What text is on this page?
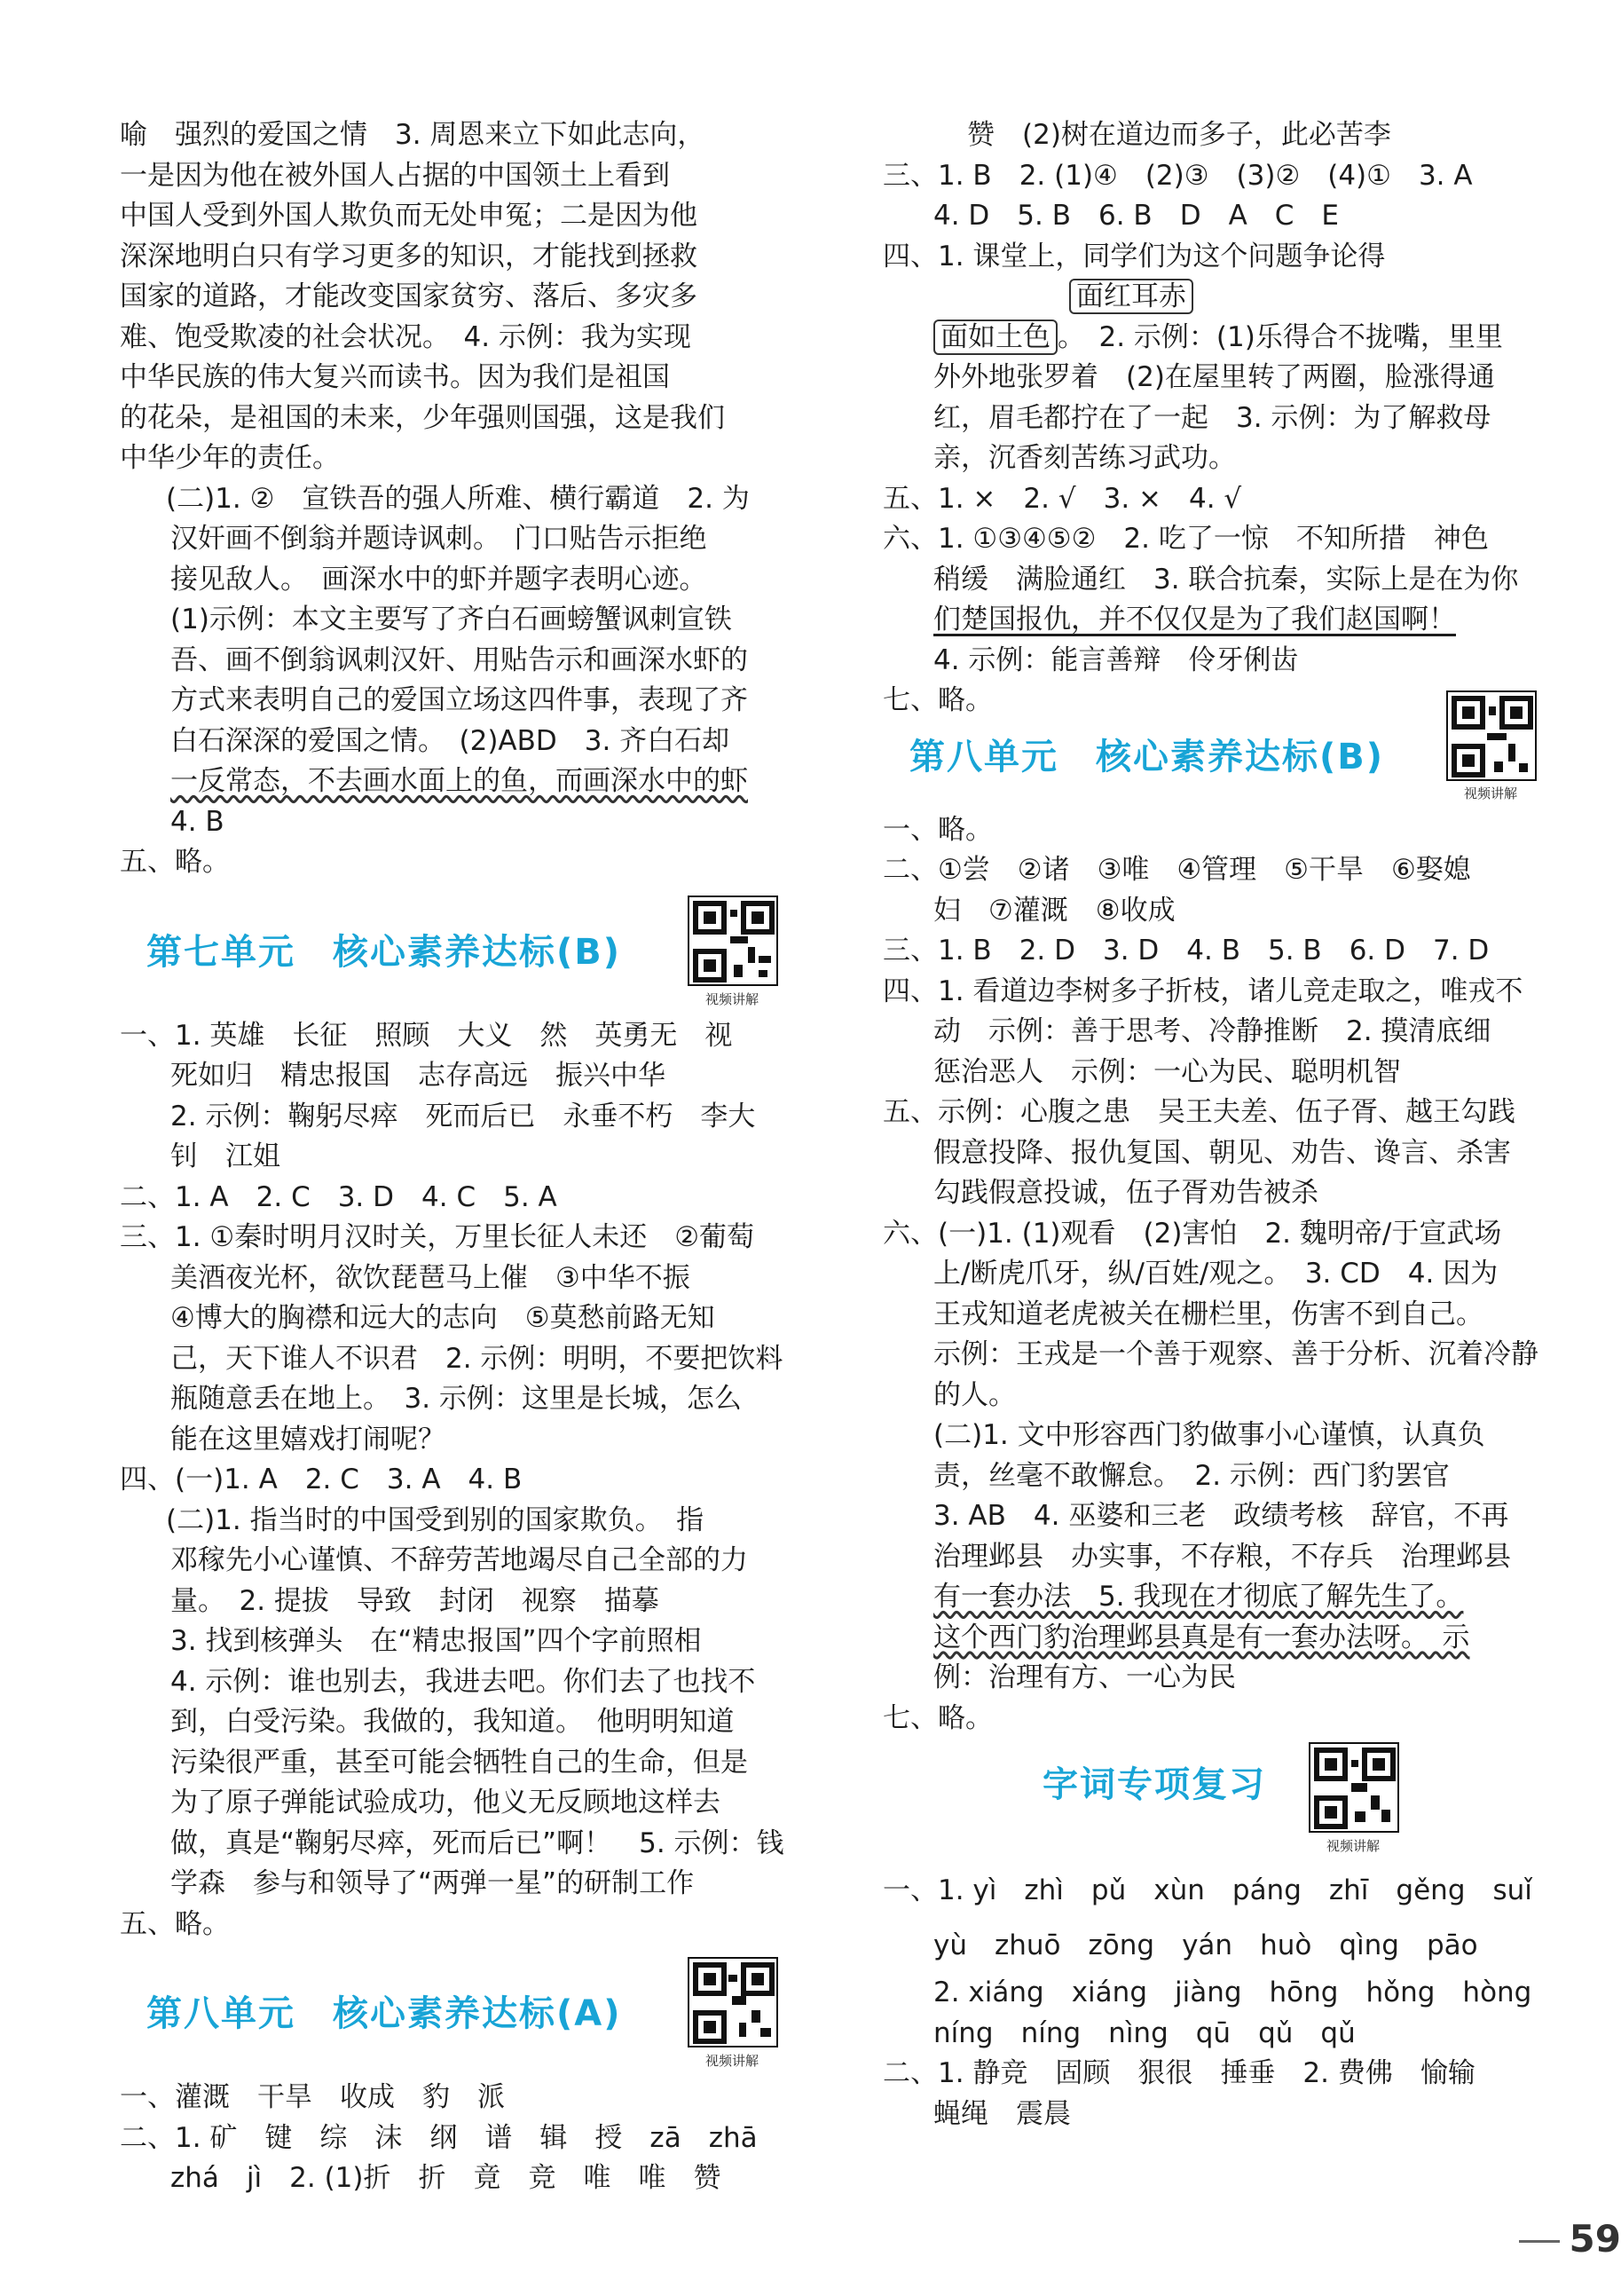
喻　强烈的爱国之情　3. 周恩来立下如此志向，
一是因为他在被外国人占据的中国领土上看到
中国人受到外国人欺负而无处申冤；二是因为他
深深地明白只有学习更多的知识，才能找到拯救
国家的道路，才能改变国家贫穷、落后、多灾多
难、饱受欺凌的社会状况。　4. 示例：我为实现
中华民族的伟大复兴而读书。因为我们是祖国
的花朵，是祖国的未来，少年强则国强，这是我们
中华少年的责任。
(二)1. ②　宣铁吾的强人所难、横行霸道　2. 为
汉奸画不倒翁并题诗讽刺。　门口贴告示拒绝
接见敌人。　画深水中的虾并题字表明心迹。
(1)示例：本文主要写了齐白石画螃蟹讽刺宣铁
吾、画不倒翁讽刺汉奸、用贴告示和画深水虾的
方式来表明自己的爱国立场这四件事，表现了齐
白石深深的爱国之情。　(2)ABD　3. 齐白石却
一反常态，不去画水面上的鱼，而画深水中的虾
4. B
五、略。
第七单元　核心素养达标(B)
视频讲解
一、1. 英雄　长征　照顾　大义　然　英勇无　视
死如归　精忠报国　志存高远　振兴中华
2. 示例：鞠躬尽瘁　死而后已　永垂不朽　李大
钊　江姐
二、1. A　2. C　3. D　4. C　5. A
三、1. ①秦时明月汉时关，万里长征人未还　②葡萄
美酒夜光杯，欲饮琵琶马上催　③中华不振
④博大的胸襟和远大的志向　⑤莫愁前路无知
己，天下谁人不识君　2. 示例：明明，不要把饮料
瓶随意丢在地上。　3. 示例：这里是长城，怎么
能在这里嬉戏打闹呢？
四、(一)1. A　2. C　3. A　4. B
(二)1. 指当时的中国受到别的国家欺负。　指
邓稼先小心谨慎、不辞劳苦地竭尽自己全部的力
量。　2. 提拔　导致　封闭　视察　描摹
3. 找到核弹头　在“精忠报国”四个字前照相
4. 示例：谁也别去，我进去吧。你们去了也找不
到，白受污染。我做的，我知道。　他明明知道
污染很严重，甚至可能会牺牲自己的生命，但是
为了原子弹能试验成功，他义无反顾地这样去
做，真是“鞠躬尽瘁，死而后已”啊！　5. 示例：钱
学森　参与和领导了“两弹一星”的研制工作
五、略。
第八单元　核心素养达标(A)
视频讲解
一、灌溉　干旱　收成　豹　派
二、1. 矿　键　综　沫　纲　谱　辑　授　zā　zhā
zhá　jì　2. (1)折　折　竟　竞　唯　唯　赞
赞　(2)树在道边而多子，此必苦李
三、1. B　2. (1)④　(2)③　(3)②　(4)①　3. A
4. D　5. B　6. B　D　A　C　E
四、1. 课堂上，同学们为这个问题争论得
面红耳赤
面如土色 。　2. 示例：(1)乐得合不拢嘴，里里
外外地张罗着　(2)在屋里转了两圈，脸涨得通
红，眉毛都拧在了一起　3. 示例：为了解救母
亲，沉香刻苦练习武功。
五、1. ×　2. √　3. ×　4. √
六、1. ①③④⑤②　2. 吃了一惊　不知所措　神色
稍缓　满脸通红　3. 联合抗秦，实际上是在为你
们楚国报仇，并不仅仅是为了我们赵国啊！
4. 示例：能言善辩　伶牙俐齿
七、略。
第八单元　核心素养达标(B)
视频讲解
一、略。
二、①尝　②诸　③唯　④管理　⑤干旱　⑥娶媳
妇　⑦灌溉　⑧收成
三、1. B　2. D　3. D　4. B　5. B　6. D　7. D
四、1. 看道边李树多子折枝，诸儿竞走取之，唯戎不
动　示例：善于思考、冷静推断　2. 摸清底细
惩治恶人　示例：一心为民、聪明机智
五、示例：心腹之患　吴王夫差、伍子胥、越王勾践
假意投降、报仇复国、朝见、劝告、谗言、杀害
勾践假意投诚，伍子胥劝告被杀
六、(一)1. (1)观看　(2)害怕　2. 魏明帝/于宣武场
上/断虎爪牙，纵/百姓/观之。　3. CD　4. 因为
王戎知道老虎被关在栅栏里，伤害不到自己。
示例：王戎是一个善于观察、善于分析、沉着冷静
的人。
(二)1. 文中形容西门豹做事小心谨慎，认真负
责，丝毫不敢懈怠。　2. 示例：西门豹罢官
3. AB　4. 巫婆和三老　政绩考核　辞官，不再
治理邺县　办实事，不存粮，不存兵　治理邺县
有一套办法　5. 我现在才彻底了解先生了。
这个西门豹治理邺县真是有一套办法呀。　示
例：治理有方、一心为民
七、略。
字词专项复习
视频讲解
一、1. yì　zhì　pǔ　xùn　páng　zhī　gěng　suǐ
yù　zhuō　zōng　yán　huò　qìng　pāo
2. xiáng　xiáng　jiàng　hōng　hǒng　hòng
níng　níng　nìng　qū　qǔ　qǔ
二、1. 静竞　固顾　狠很　捶垂　2. 费佛　愉输
蝇绳　震晨
59
